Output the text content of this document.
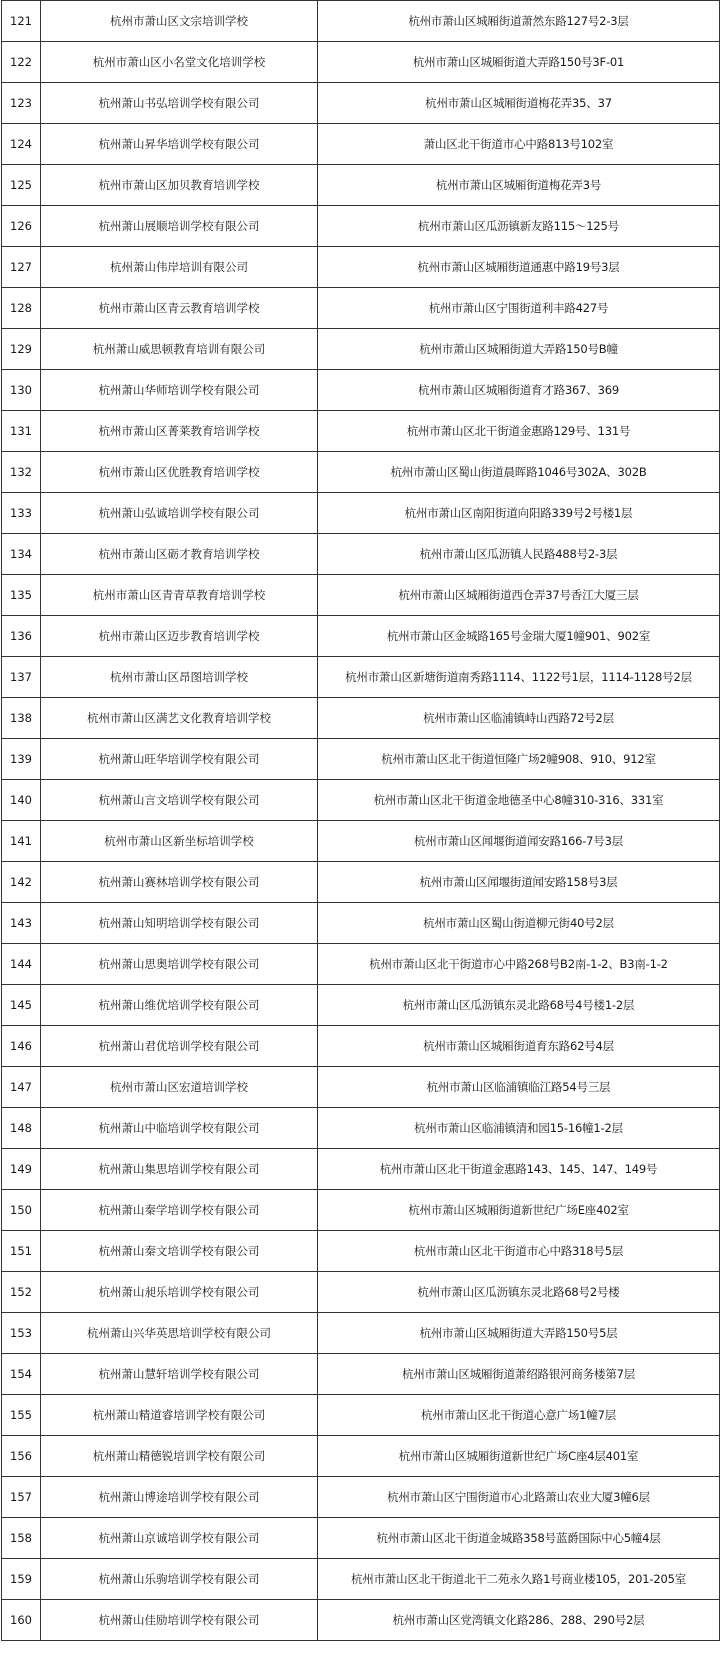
121	杭州市萧山区文宗培训学校	杭州市萧山区城厢街道萧然东路127号2-3层
122	杭州市萧山区小名堂文化培训学校	杭州市萧山区城厢街道大弄路150号3F-01
123	杭州萧山书弘培训学校有限公司	杭州市萧山区城厢街道梅花弄35、37
124	杭州萧山昇华培训学校有限公司	萧山区北干街道市心中路813号102室
125	杭州市萧山区加贝教育培训学校	杭州市萧山区城厢街道梅花弄3号
126	杭州萧山展顺培训学校有限公司	杭州市萧山区瓜沥镇新友路115～125号
127	杭州萧山伟岸培训有限公司	杭州市萧山区城厢街道通惠中路19号3层
128	杭州市萧山区青云教育培训学校	杭州市萧山区宁围街道利丰路427号
129	杭州萧山威思顿教育培训有限公司	杭州市萧山区城厢街道大弄路150号B幢
130	杭州萧山华师培训学校有限公司	杭州市萧山区城厢街道育才路367、369
131	杭州市萧山区菁莱教育培训学校	杭州市萧山区北干街道金惠路129号、131号
132	杭州市萧山区优胜教育培训学校	杭州市萧山区蜀山街道晨晖路1046号302A、302B
133	杭州萧山弘诚培训学校有限公司	杭州市萧山区南阳街道向阳路339号2号楼1层
134	杭州市萧山区砺才教育培训学校	杭州市萧山区瓜沥镇人民路488号2-3层
135	杭州市萧山区青青草教育培训学校	杭州市萧山区城厢街道西仓弄37号香江大厦三层
136	杭州市萧山区迈步教育培训学校	杭州市萧山区金城路165号金瑞大厦1幢901、902室
137	杭州市萧山区昂图培训学校	杭州市萧山区新塘街道南秀路1114、1122号1层，1114-1128号2层
138	杭州市萧山区满艺文化教育培训学校	杭州市萧山区临浦镇峙山西路72号2层
139	杭州萧山旺华培训学校有限公司	杭州市萧山区北干街道恒隆广场2幢908、910、912室
140	杭州萧山言文培训学校有限公司	杭州市萧山区北干街道金地德圣中心8幢310-316、331室
141	杭州市萧山区新坐标培训学校	杭州市萧山区闻堰街道闻安路166-7号3层
142	杭州萧山赛林培训学校有限公司	杭州市萧山区闻堰街道闻安路158号3层
143	杭州萧山知明培训学校有限公司	杭州市萧山区蜀山街道柳元街40号2层
144	杭州萧山思奥培训学校有限公司	杭州市萧山区北干街道市心中路268号B2南-1-2、B3南-1-2
145	杭州萧山维优培训学校有限公司	杭州市萧山区瓜沥镇东灵北路68号4号楼1-2层
146	杭州萧山君优培训学校有限公司	杭州市萧山区城厢街道育东路62号4层
147	杭州市萧山区宏道培训学校	杭州市萧山区临浦镇临江路54号三层
148	杭州萧山中临培训学校有限公司	杭州市萧山区临浦镇清和园15-16幢1-2层
149	杭州萧山集思培训学校有限公司	杭州市萧山区北干街道金惠路143、145、147、149号
150	杭州萧山秦学培训学校有限公司	杭州市萧山区城厢街道新世纪广场E座402室
151	杭州萧山秦文培训学校有限公司	杭州市萧山区北干街道市心中路318号5层
152	杭州萧山昶乐培训学校有限公司	杭州市萧山区瓜沥镇东灵北路68号2号楼
153	杭州萧山兴华英思培训学校有限公司	杭州市萧山区城厢街道大弄路150号5层
154	杭州萧山慧轩培训学校有限公司	杭州市萧山区城厢街道萧绍路银河商务楼第7层
155	杭州萧山精道睿培训学校有限公司	杭州市萧山区北干街道心意广场1幢7层
156	杭州萧山精德锐培训学校有限公司	杭州市萧山区城厢街道新世纪广场C座4层401室
157	杭州萧山博途培训学校有限公司	杭州市萧山区宁围街道市心北路萧山农业大厦3幢6层
158	杭州萧山京诚培训学校有限公司	杭州市萧山区北干街道金城路358号蓝爵国际中心5幢4层
159	杭州萧山乐驹培训学校有限公司	杭州市萧山区北干街道北干二苑永久路1号商业楼105，201-205室
160	杭州萧山佳励培训学校有限公司	杭州市萧山区党湾镇文化路286、288、290号2层
